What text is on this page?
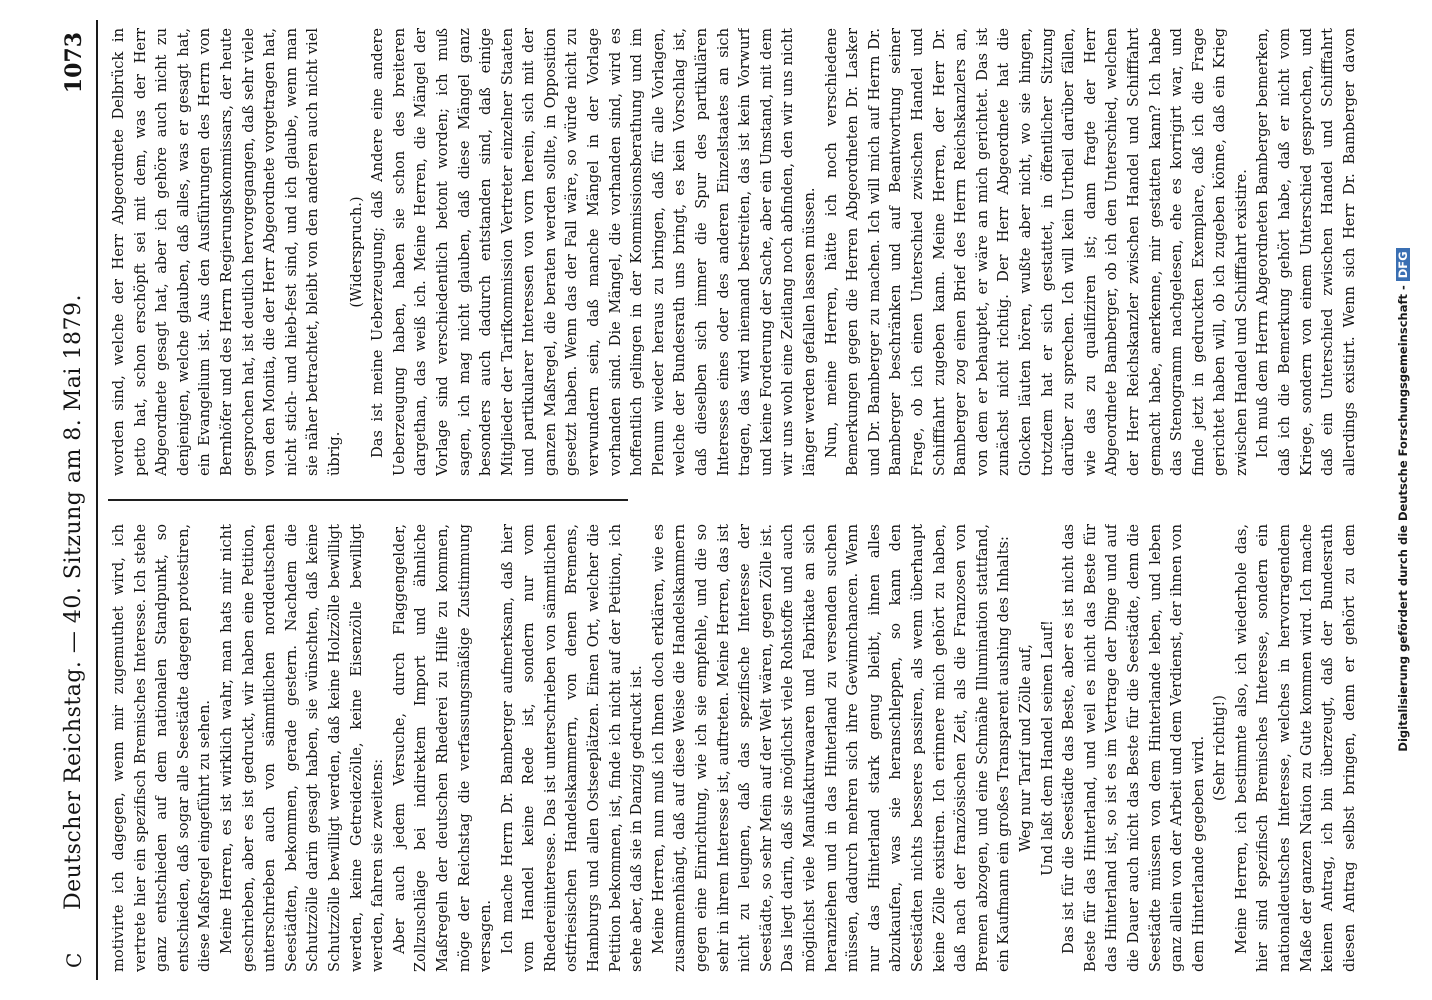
C
Deutscher Reichstag. — 40. Sitzung am 8. Mai 1879.
1073

motivirte ich dagegen, wenn mir zugemuthet wird, ich vertrete hier ein spezifisch Bremisches Interesse. Ich stehe ganz entschieden auf dem nationalen Standpunkt, so entschieden, daß sogar alle Seestädte dagegen protestiren, diese Maßregel eingeführt zu sehen. Meine Herren, es ist wirklich wahr, man hats mir nicht geschrieben, aber es ist gedruckt, wir haben eine Petition, unterschrieben auch von sämmtlichen norddeutschen Seestädten, bekommen, gerade gestern. Nachdem die Schutzzölle darin gesagt haben, sie wünschten, daß keine Schutzzölle bewilligt werden, daß keine Holzzölle bewilligt werden, keine Getreidezölle, keine Eisenzölle bewilligt werden, fahren sie zweitens: Aber auch jedem Versuche, durch Flaggengelder, Zollzuschläge bei indirektem Import und ähnliche Maßregeln der deutschen Rhederei zu Hilfe zu kommen, möge der Reichstag die verfassungsmäßige Zustimmung versagen. Ich mache Herrn Dr. Bamberger aufmerksam, daß hier vom Handel keine Rede ist, sondern nur vom Rhedereiinteresse. Das ist unterschrieben von sämmtlichen ostfriesischen Handelskammern, von denen Bremens, Hamburgs und allen Ostseeplätzen. Einen Ort, welcher die Petition bekommen, ist, finde ich nicht auf der Petition, ich sehe aber, daß sie in Danzig gedruckt ist. Meine Herren, nun muß ich Ihnen doch erklären, wie es zusammenhängt, daß auf diese Weise die Handelskammern gegen eine Einrichtung, wie ich sie empfehle, und die so sehr in ihrem Interesse ist, auftreten. Meine Herren, das ist nicht zu leugnen, daß das spezifische Interesse der Seestädte, so sehr Mein auf der Welt wären, gegen Zölle ist. Das liegt darin, daß sie möglichst viele Rohstoffe und auch möglichst viele Manufakturwaaren und Fabrikate an sich heranziehen und in das Hinterland zu versenden suchen müssen, dadurch mehren sich ihre Gewinnchancen. Wenn nur das Hinterland stark genug bleibt, ihnen alles abzukaufen, was sie heranschleppen, so kann den Seestädten nichts besseres passiren, als wenn überhaupt keine Zölle existiren. Ich erinnere mich gehört zu haben, daß nach der französischen Zeit, als die Franzosen von Bremen abzogen, und eine Schmähe Illumination stattfand, ein Kaufmann ein großes Transparent aushing des Inhalts: Weg nur Tarif und Zölle auf, Und laßt dem Handel seinen Lauf! Das ist für die Seestädte das Beste, aber es ist nicht das Beste für das Hinterland, und weil es nicht das Beste für das Hinterland ist, so ist es im Vertrage der Dinge und auf die Dauer auch nicht das Beste für die Seestädte, denn die Seestädte müssen von dem Hinterlande leben, und leben ganz allein von der Arbeit und dem Verdienst, der ihnen von dem Hinterlande gegeben wird. (Sehr richtig!)

Meine Herren, ich bestimmte also, ich wiederhole das, hier sind spezifisch Bremisches Interesse, sondern ein nationaldeutsches Interesse, welches in hervorragendem Maße der ganzen Nation zu Gute kommen wird. Ich mache keinen Antrag, ich bin überzeugt, daß der Bundesrath diesen Antrag selbst bringen, denn er gehört zu dem

worden sind, welche der Herr Abgeordnete Delbrück in petto hat, schon erschöpft sei mit dem, was der Herr Abgeordnete gesagt hat, aber ich gehöre auch nicht zu denjenigen, welche glauben, daß alles, was er gesagt hat, ein Evangelium ist. Aus den Ausführungen des Herrn von Bernhöfer und des Herrn Regierungskommissars, der heute gesprochen hat, ist deutlich hervorgegangen, daß sehr viele von den Monita, die der Herr Abgeordnete vorgetragen hat, nicht stich- und hieb-fest sind, und ich glaube, wenn man sie näher betrachtet, bleibt von den anderen auch nicht viel übrig.

(Widerspruch.) Das ist meine Ueberzeugung; daß Andere eine andere Ueberzeugung haben, haben sie schon des breiteren dargethan, das weiß ich. Meine Herren, die Mängel der Vorlage sind verschiedentlich betont worden; ich muß sagen, ich mag nicht glauben, daß diese Mängel ganz besonders auch dadurch entstanden sind, daß einige Mitglieder der Tarifkommission Vertreter einzelner Staaten und partikularer Interessen von vorn herein, sich mit der ganzen Maßregel, die beraten werden sollte, in Opposition gesetzt haben. Wenn das der Fall wäre, so würde nicht zu verwundern sein, daß manche Mängel in der Vorlage vorhanden sind. Die Mängel, die vorhanden sind, wird es hoffentlich gelingen in der Kommissionsberathung und im Plenum wieder heraus zu bringen, daß für alle Vorlagen, welche der Bundesrath uns bringt, es kein Vorschlag ist, daß dieselben sich immer die Spur des partikulären Interesses eines oder des anderen Einzelstaates an sich tragen, das wird niemand bestreiten, das ist kein Vorwurf und keine Forderung der Sache, aber ein Umstand, mit dem wir uns wohl eine Zeitlang noch abfinden, den wir uns nicht länger werden gefallen lassen müssen. Nun, meine Herren, hätte ich noch verschiedene Bemerkungen gegen die Herren Abgeordneten Dr. Lasker und Dr. Bamberger zu machen. Ich will mich auf Herrn Dr. Bamberger beschränken und auf Beantwortung seiner Frage, ob ich einen Unterschied zwischen Handel und Schifffahrt zugeben kann. Meine Herren, der Herr Dr. Bamberger zog einen Brief des Herrn Reichskanzlers an, von dem er behauptet, er wäre an mich gerichtet. Das ist zunächst nicht richtig. Der Herr Abgeordnete hat die Glocken läuten hören, wußte aber nicht, wo sie hingen, trotzdem hat er sich gestattet, in öffentlicher Sitzung darüber zu sprechen. Ich will kein Urtheil darüber fällen, wie das zu qualifiziren ist; dann fragte der Herr Abgeordnete Bamberger, ob ich den Unterschied, welchen der Herr Reichskanzler zwischen Handel und Schifffahrt gemacht habe, anerkenne, mir gestatten kann? Ich habe das Stenogramm nachgelesen, ehe es korrigirt war, und finde jetzt in gedruckten Exemplare, daß ich die Frage gerichtet haben will, ob ich zugeben könne, daß ein Krieg zwischen Handel und Schifffahrt existire. Ich muß dem Herrn Abgeordneten Bamberger bemerken, daß ich die Bemerkung gehört habe, daß er nicht vom Kriege, sondern von einem Unterschied gesprochen, und daß ein Unterschied zwischen Handel und Schifffahrt allerdings existirt. Wenn sich Herr Dr. Bamberger davon

Digitalisierung gefördert durch die Deutsche Forschungsgemeinschaft -DFG
